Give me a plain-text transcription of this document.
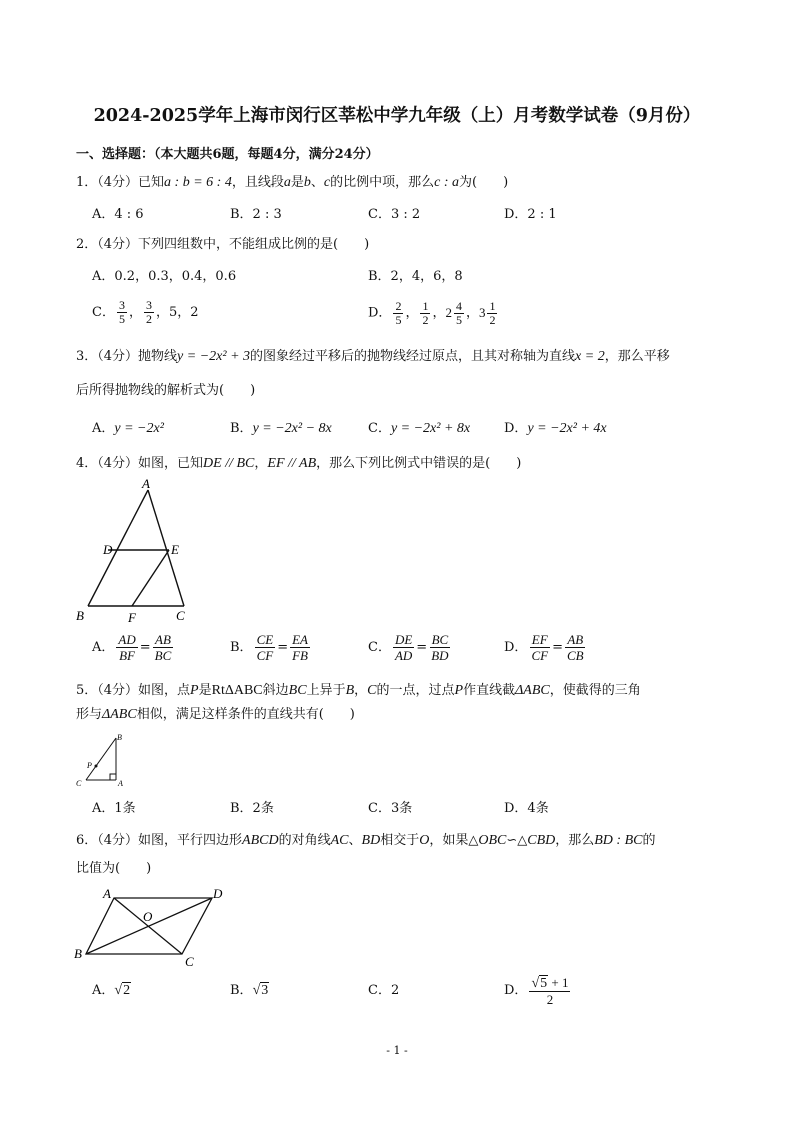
2024-2025学年上海市闵行区莘松中学九年级（上）月考数学试卷（9月份）
一、选择题：（本大题共6题，每题4分，满分24分）
1．（4分）已知a : b = 6 : 4，且线段a是b、c的比例中项，那么c : a为(　　)
A．4 : 6	B．2 : 3	C．3 : 2	D．2 : 1
2．（4分）下列四组数中，不能组成比例的是(　　)
A．0.2，0.3，0.4，0.6	B．2，4，6，8
C． $\frac{3}{5}$ ， $\frac{3}{2}$ ，5，2	D． $\frac{2}{5}$ ， $\frac{1}{2}$ ， $2 \frac{4}{5}$ ， $3 \frac{1}{2}$
3．（4分）抛物线y = −2x² + 3的图象经过平移后的抛物线经过原点，且其对称轴为直线x = 2，那么平移
后所得抛物线的解析式为(　　)
A．y = −2x²	B．y = −2x² − 8x	C．y = −2x² + 8x	D．y = −2x² + 4x
4．（4分）如图，已知DE // BC，EF // AB，那么下列比例式中错误的是(　　)
A
D	E
B	C
F
A． $\frac{AD}{BF} = \frac{AB}{BC}$	B． $\frac{CE}{CF} = \frac{EA}{FB}$	C． $\frac{DE}{AD} = \frac{BC}{BD}$	D． $\frac{EF}{CF} = \frac{AB}{CB}$
5．（4分）如图，点P是RtΔABC斜边BC上异于B，C的一点，过点P作直线截ΔABC，使截得的三角
形与ΔABC相似，满足这样条件的直线共有(　　)
B
P
C	A
A．1条	B．2条	C．3条	D．4条
6．（4分）如图，平行四边形ABCD的对角线AC、BD相交于O，如果△OBC∽△CBD，那么BD : BC的
比值为(　　)
A	D
O
B
C
A．√2	B．√3	C．2	D． $\frac{√5 + 1}{2}$
- 1 -
